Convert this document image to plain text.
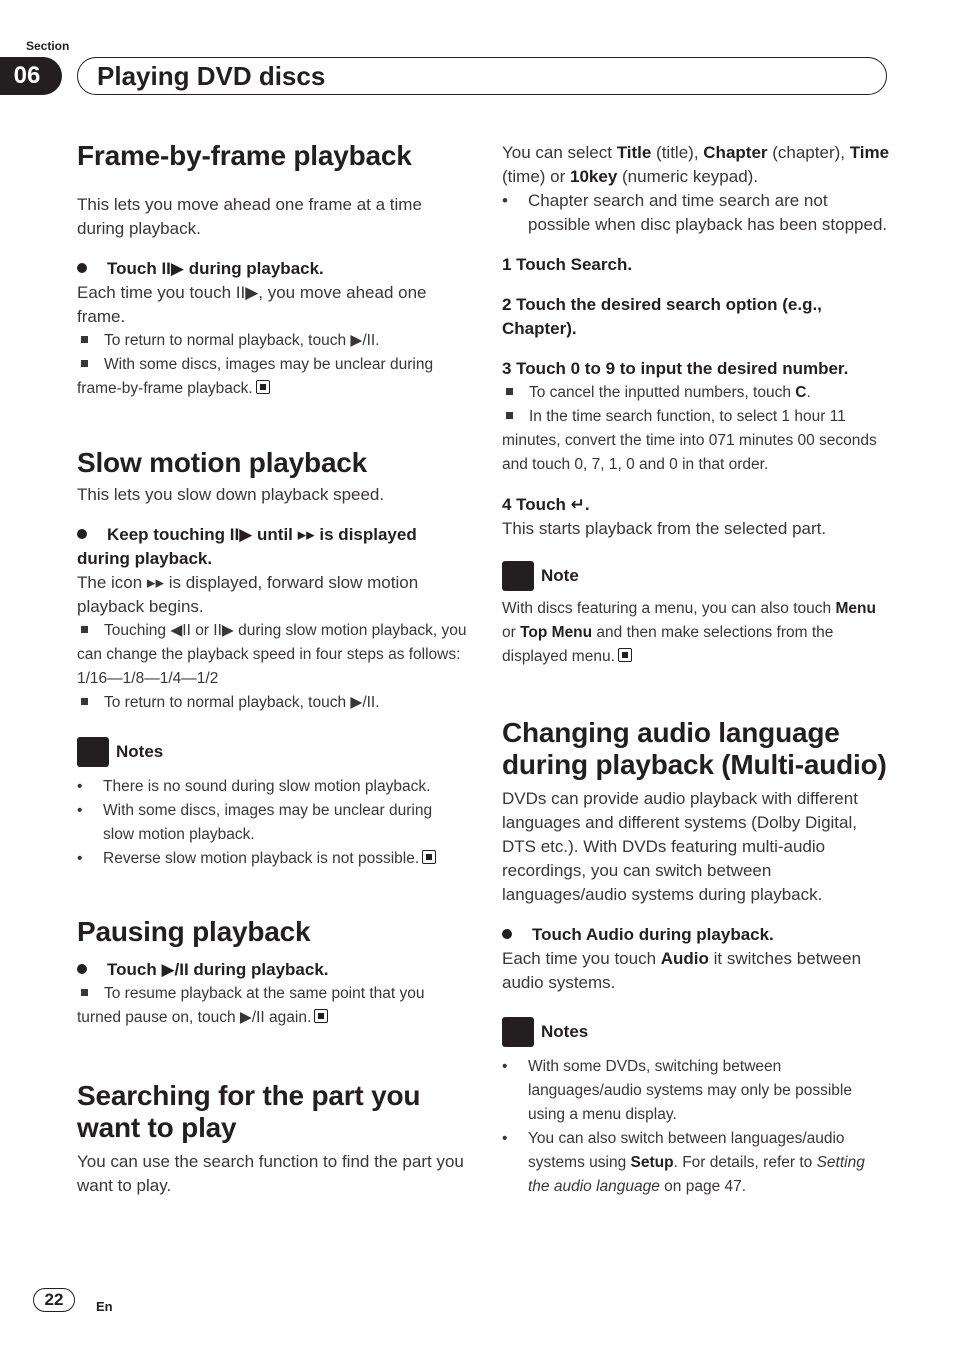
Section
06	Playing DVD discs
Frame-by-frame playback

This lets you move ahead one frame at a time during playback.

Touch II▶ during playback.

Each time you touch II▶, you move ahead one frame.

To return to normal playback, touch ▶/II.

With some discs, images may be unclear during frame-by-frame playback.

Slow motion playback

This lets you slow down playback speed.

Keep touching II▶ until ▸▸ is displayed during playback.

The icon ▸▸ is displayed, forward slow motion playback begins.

Touching ◀II or II▶ during slow motion playback, you can change the playback speed in four steps as follows:

1/16—1/8—1/4—1/2

To return to normal playback, touch ▶/II.

Notes

• There is no sound during slow motion playback.

• With some discs, images may be unclear during slow motion playback.

• Reverse slow motion playback is not possible.

Pausing playback

Touch ▶/II during playback.

To resume playback at the same point that you turned pause on, touch ▶/II again.

Searching for the part you want to play

You can use the search function to find the part you want to play.

You can select Title (title), Chapter (chapter), Time (time) or 10key (numeric keypad).

• Chapter search and time search are not possible when disc playback has been stopped.

1 Touch Search.

2 Touch the desired search option (e.g., Chapter).

3 Touch 0 to 9 to input the desired number.

To cancel the inputted numbers, touch C.

In the time search function, to select 1 hour 11 minutes, convert the time into 071 minutes 00 seconds and touch 0, 7, 1, 0 and 0 in that order.

4 Touch ↵.

This starts playback from the selected part.

Note

With discs featuring a menu, you can also touch Menu or Top Menu and then make selections from the displayed menu.

Changing audio language during playback (Multi-audio)

DVDs can provide audio playback with different languages and different systems (Dolby Digital, DTS etc.). With DVDs featuring multi-audio recordings, you can switch between languages/audio systems during playback.

Touch Audio during playback.

Each time you touch Audio it switches between audio systems.

Notes

• With some DVDs, switching between languages/audio systems may only be possible using a menu display.

• You can also switch between languages/audio systems using Setup. For details, refer to Setting the audio language on page 47.

22	En
